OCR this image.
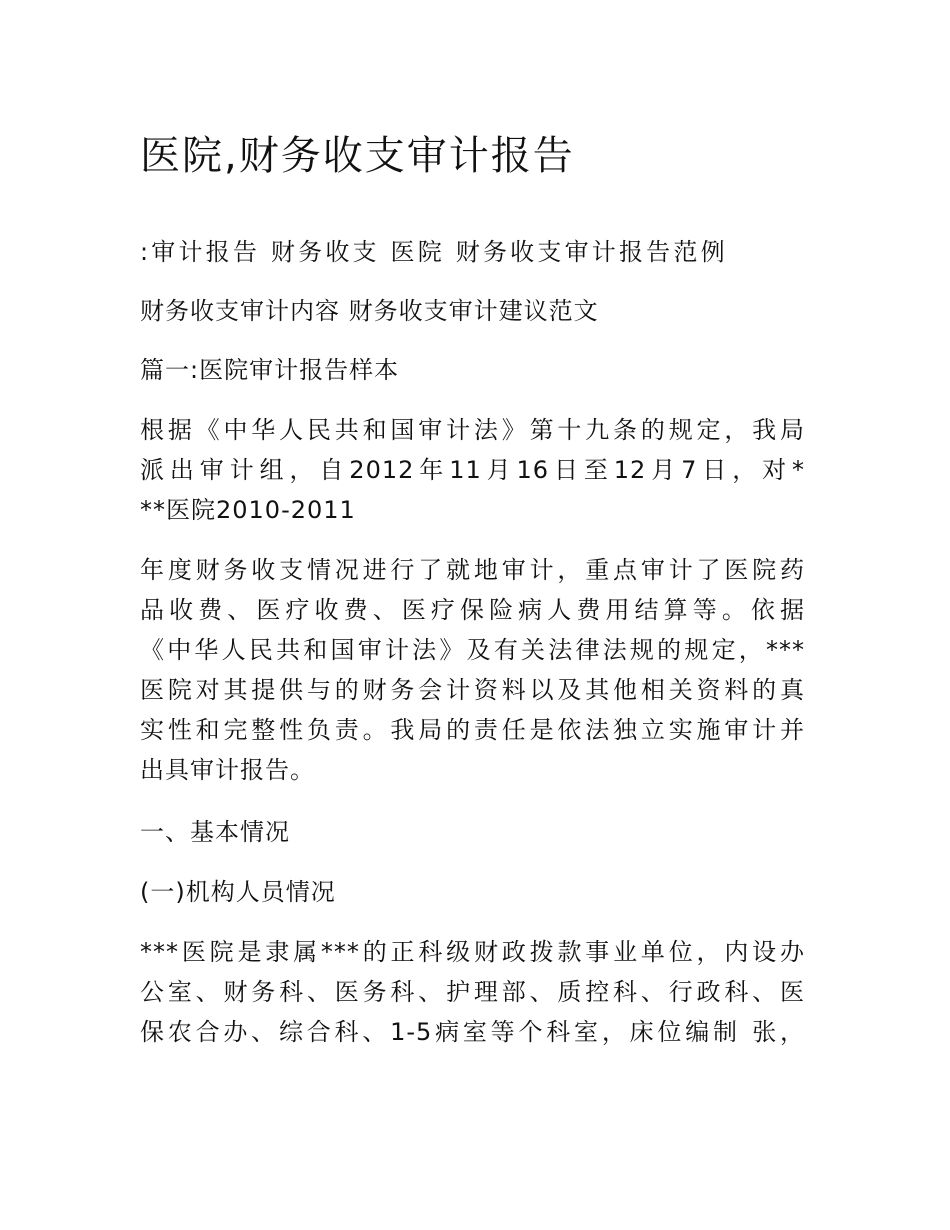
医院,财务收支审计报告

:审计报告 财务收支 医院 财务收支审计报告范例

财务收支审计内容 财务收支审计建议范文

篇一:医院审计报告样本

根据《中华人民共和国审计法》第十九条的规定，我局
派出审计组，自2012年11月16日至12月7日，对*
**医院2010-2011

年度财务收支情况进行了就地审计，重点审计了医院药
品收费、医疗收费、医疗保险病人费用结算等。依据
《中华人民共和国审计法》及有关法律法规的规定，***
医院对其提供与的财务会计资料以及其他相关资料的真
实性和完整性负责。我局的责任是依法独立实施审计并
出具审计报告。

一、基本情况

(一)机构人员情况

***医院是隶属***的正科级财政拨款事业单位，内设办
公室、财务科、医务科、护理部、质控科、行政科、医
保农合办、综合科、1-5病室等个科室，床位编制 张，
